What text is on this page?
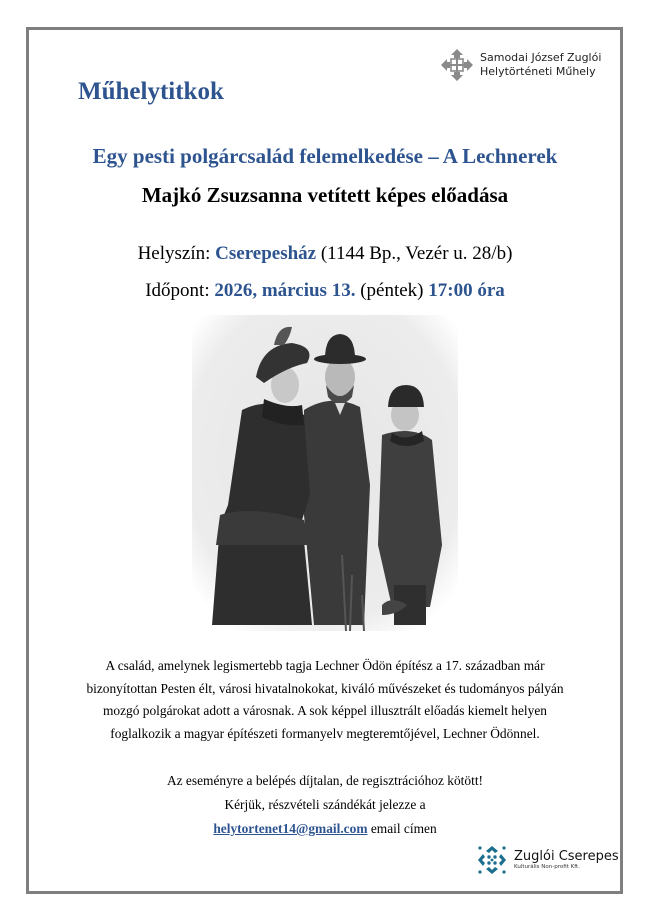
Samodai József Zuglói
Helytörténeti Műhely
Műhelytitkok
Egy pesti polgárcsalád felemelkedése – A Lechnerek
Majkó Zsuzsanna vetített képes előadása
Helyszín: Cserepesház (1144 Bp., Vezér u. 28/b)
Időpont: 2026, március 13. (péntek) 17:00 óra

A család, amelynek legismertebb tagja Lechner Ödön építész a 17. században már

bizonyítottan Pesten élt, városi hivatalnokokat, kiváló művészeket és tudományos pályán

mozgó polgárokat adott a városnak. A sok képpel illusztrált előadás kiemelt helyen

foglalkozik a magyar építészeti formanyelv megteremtőjével, Lechner Ödönnel.

Az eseményre a belépés díjtalan, de regisztrációhoz kötött!

Kérjük, részvételi szándékát jelezze a

helytortenet14@gmail.com email címen

Zuglói Cserepes
Kulturális Non-profit Kft.
